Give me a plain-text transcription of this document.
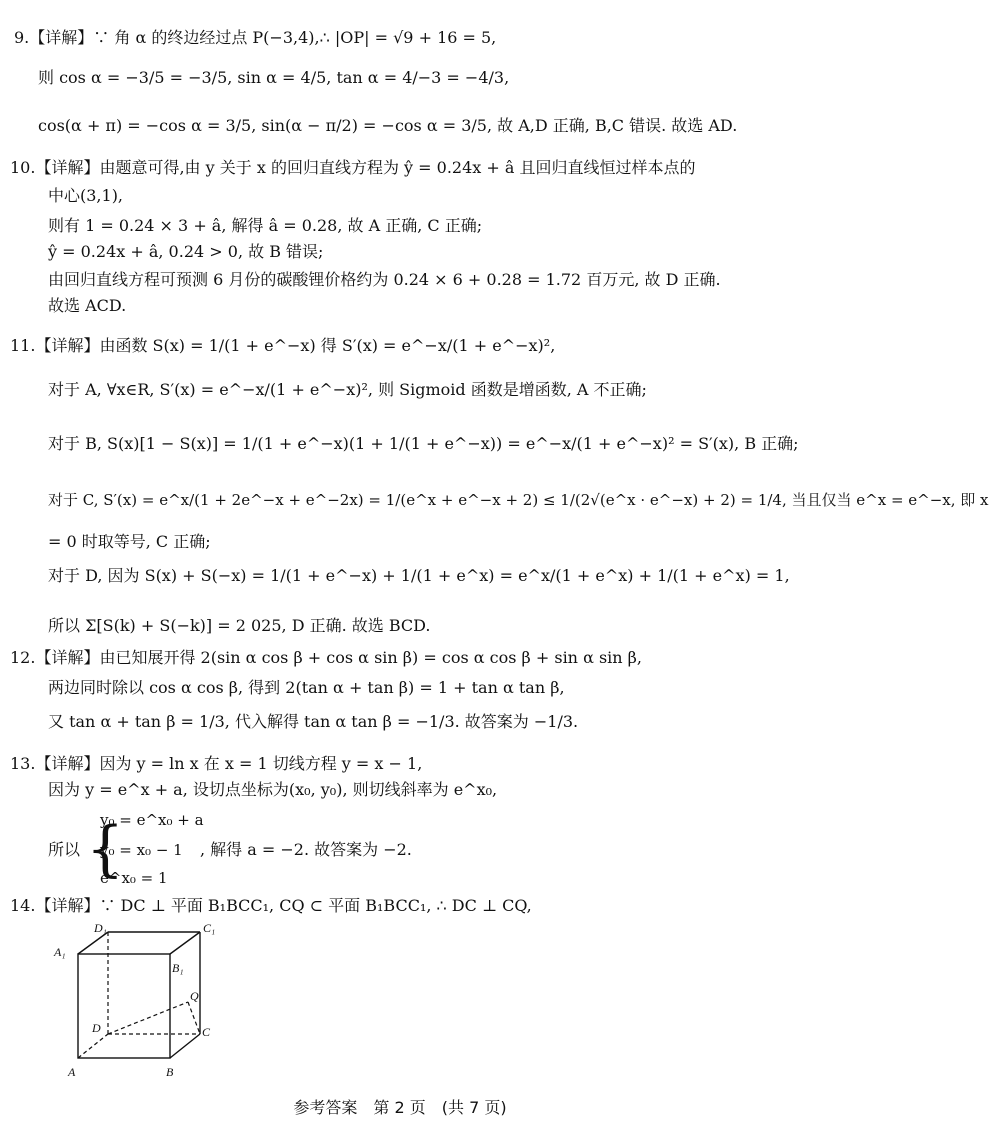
9.【详解】∵ 角 α 的终边经过点 P(−3,4),∴ |OP| = √9 + 16 = 5,
则 cos α = −3/5 = −3/5, sin α = 4/5, tan α = 4/−3 = −4/3,
cos(α + π) = −cos α = 3/5, sin(α − π/2) = −cos α = 3/5, 故 A,D 正确, B,C 错误. 故选 AD.
10.【详解】由题意可得,由 y 关于 x 的回归直线方程为 ŷ = 0.24x + â 且回归直线恒过样本点的
中心(3,1),
则有 1 = 0.24 × 3 + â, 解得 â = 0.28, 故 A 正确, C 正确;
ŷ = 0.24x + â, 0.24 > 0, 故 B 错误;
由回归直线方程可预测 6 月份的碳酸锂价格约为 0.24 × 6 + 0.28 = 1.72 百万元, 故 D 正确.
故选 ACD.
11.【详解】由函数 S(x) = 1/(1 + e^−x) 得 S′(x) = e^−x/(1 + e^−x)²,
对于 A, ∀x∈R, S′(x) = e^−x/(1 + e^−x)², 则 Sigmoid 函数是增函数, A 不正确;
对于 B, S(x)[1 − S(x)] = 1/(1 + e^−x)(1 + 1/(1 + e^−x)) = e^−x/(1 + e^−x)² = S′(x), B 正确;
对于 C, S′(x) = e^x/(1 + 2e^−x + e^−2x) = 1/(e^x + e^−x + 2) ≤ 1/(2√(e^x · e^−x) + 2) = 1/4, 当且仅当 e^x = e^−x, 即 x
= 0 时取等号, C 正确;
对于 D, 因为 S(x) + S(−x) = 1/(1 + e^−x) + 1/(1 + e^x) = e^x/(1 + e^x) + 1/(1 + e^x) = 1,
所以 Σ[S(k) + S(−k)] = 2 025, D 正确. 故选 BCD.
12.【详解】由已知展开得 2(sin α cos β + cos α sin β) = cos α cos β + sin α sin β,
两边同时除以 cos α cos β, 得到 2(tan α + tan β) = 1 + tan α tan β,
又 tan α + tan β = 1/3, 代入解得 tan α tan β = −1/3. 故答案为 −1/3.
13.【详解】因为 y = ln x 在 x = 1 切线方程 y = x − 1,
因为 y = e^x + a, 设切点坐标为(x₀, y₀), 则切线斜率为 e^x₀,
所以 {
y₀ = e^x₀ + a
y₀ = x₀ − 1
e^x₀ = 1
, 解得 a = −2. 故答案为 −2.
14.【详解】∵ DC ⊥ 平面 B₁BCC₁, CQ ⊂ 平面 B₁BCC₁, ∴ DC ⊥ CQ,
D₁	C₁
A₁
B₁
Q
D	C
A	B
参考答案　第 2 页　(共 7 页)
